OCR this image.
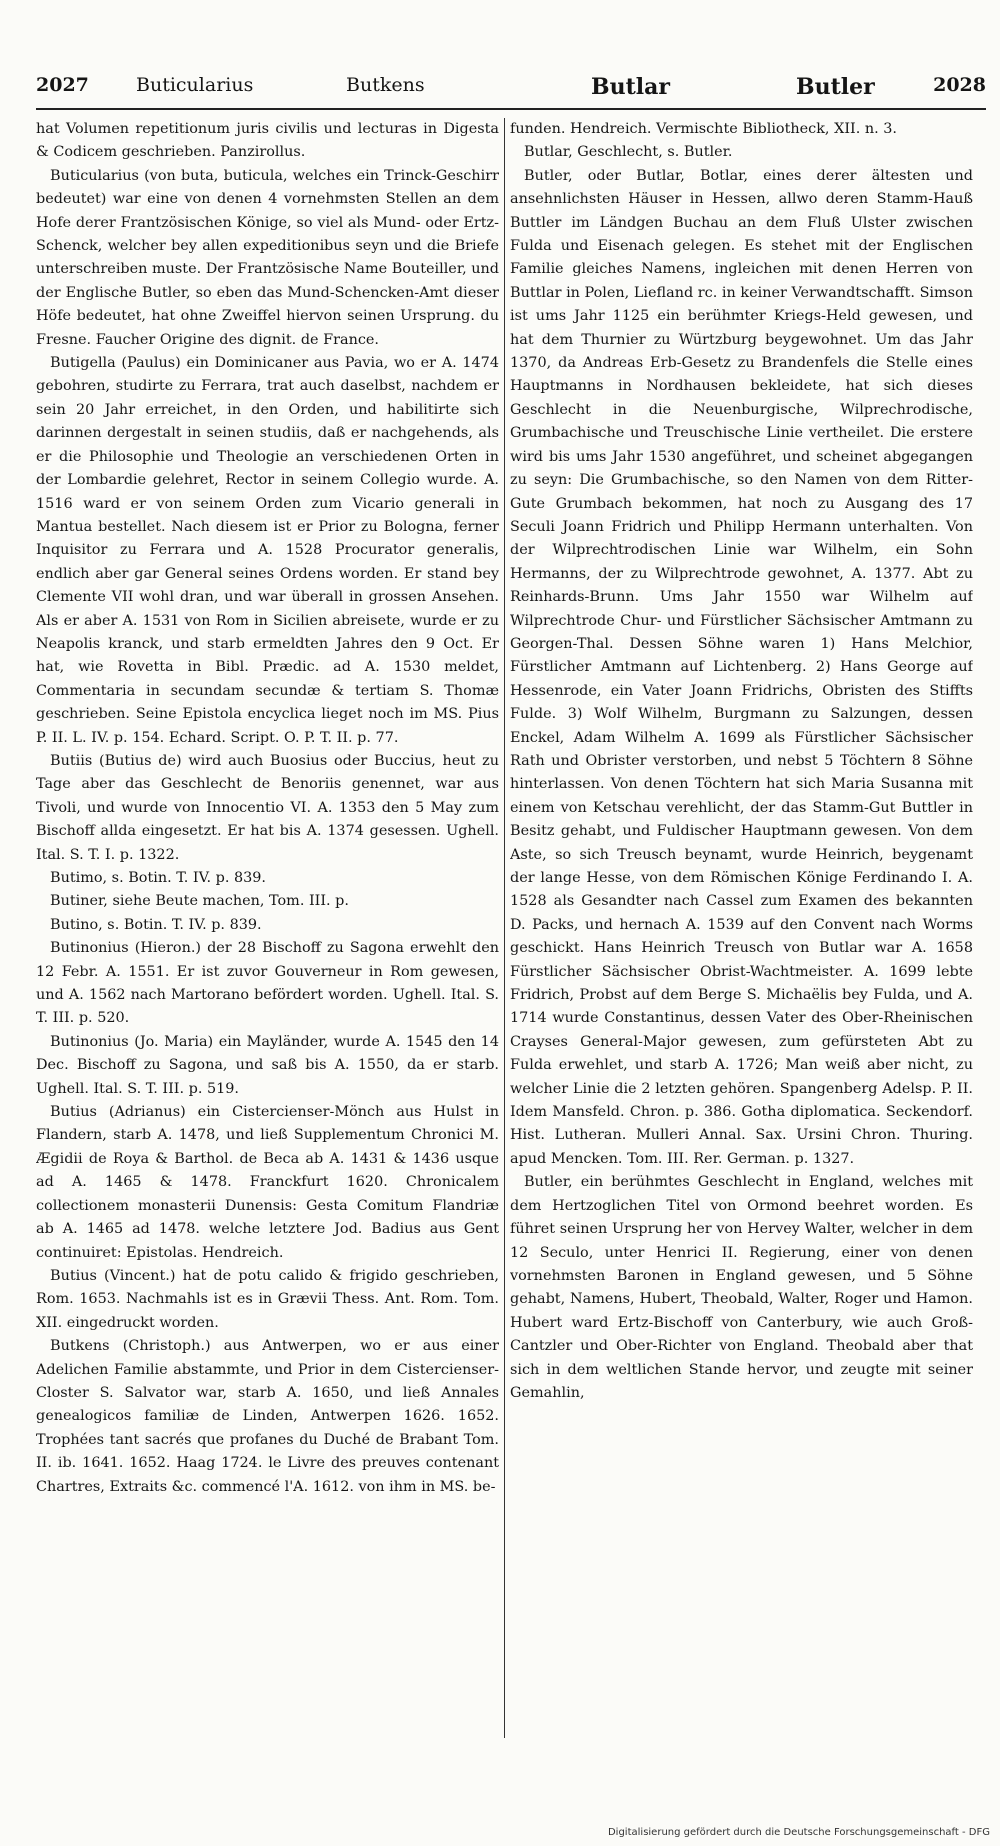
2027 Buticularius	Butkens	Butlar	Butler	2028

hat Volumen repetitionum juris civilis und lecturas in Digesta & Codicem geschrieben. Panzirollus.

Buticularius (von buta, buticula, welches ein Trinck-Geschirr bedeutet) war eine von denen 4 vornehmsten Stellen an dem Hofe derer Frantzösischen Könige, so viel als Mund- oder Ertz-Schenck, welcher bey allen expeditionibus seyn und die Briefe unterschreiben muste. Der Frantzösische Name Bouteiller, und der Englische Butler, so eben das Mund-Schencken-Amt dieser Höfe bedeutet, hat ohne Zweiffel hiervon seinen Ursprung. du Fresne. Faucher Origine des dignit. de France.

Butigella (Paulus) ein Dominicaner aus Pavia, wo er A. 1474 gebohren, studirte zu Ferrara, trat auch daselbst, nachdem er sein 20 Jahr erreichet, in den Orden, und habilitirte sich darinnen dergestalt in seinen studiis, daß er nachgehends, als er die Philosophie und Theologie an verschiedenen Orten in der Lombardie gelehret, Rector in seinem Collegio wurde. A. 1516 ward er von seinem Orden zum Vicario generali in Mantua bestellet. Nach diesem ist er Prior zu Bologna, ferner Inquisitor zu Ferrara und A. 1528 Procurator generalis, endlich aber gar General seines Ordens worden. Er stand bey Clemente VII wohl dran, und war überall in grossen Ansehen. Als er aber A. 1531 von Rom in Sicilien abreisete, wurde er zu Neapolis kranck, und starb ermeldten Jahres den 9 Oct. Er hat, wie Rovetta in Bibl. Prædic. ad A. 1530 meldet, Commentaria in secundam secundæ & tertiam S. Thomæ geschrieben. Seine Epistola encyclica lieget noch im MS. Pius P. II. L. IV. p. 154. Echard. Script. O. P. T. II. p. 77.

Butiis (Butius de) wird auch Buosius oder Buccius, heut zu Tage aber das Geschlecht de Benoriis genennet, war aus Tivoli, und wurde von Innocentio VI. A. 1353 den 5 May zum Bischoff allda eingesetzt. Er hat bis A. 1374 gesessen. Ughell. Ital. S. T. I. p. 1322.

Butimo, s. Botin. T. IV. p. 839.

Butiner, siehe Beute machen, Tom. III. p.

Butino, s. Botin. T. IV. p. 839.

Butinonius (Hieron.) der 28 Bischoff zu Sagona erwehlt den 12 Febr. A. 1551. Er ist zuvor Gouverneur in Rom gewesen, und A. 1562 nach Martorano befördert worden. Ughell. Ital. S. T. III. p. 520.

Butinonius (Jo. Maria) ein Mayländer, wurde A. 1545 den 14 Dec. Bischoff zu Sagona, und saß bis A. 1550, da er starb. Ughell. Ital. S. T. III. p. 519.

Butius (Adrianus) ein Cistercienser-Mönch aus Hulst in Flandern, starb A. 1478, und ließ Supplementum Chronici M. Ægidii de Roya & Barthol. de Beca ab A. 1431 & 1436 usque ad A. 1465 & 1478. Franckfurt 1620. Chronicalem collectionem monasterii Dunensis: Gesta Comitum Flandriæ ab A. 1465 ad 1478. welche letztere Jod. Badius aus Gent continuiret: Epistolas. Hendreich.

Butius (Vincent.) hat de potu calido & frigido geschrieben, Rom. 1653. Nachmahls ist es in Grævii Thess. Ant. Rom. Tom. XII. eingedruckt worden.

Butkens (Christoph.) aus Antwerpen, wo er aus einer Adelichen Familie abstammte, und Prior in dem Cistercienser-Closter S. Salvator war, starb A. 1650, und ließ Annales genealogicos familiæ de Linden, Antwerpen 1626. 1652. Trophées tant sacrés que profanes du Duché de Brabant Tom. II. ib. 1641. 1652. Haag 1724. le Livre des preuves contenant Chartres, Extraits &c. commencé l'A. 1612. von ihm in MS. be-

funden. Hendreich. Vermischte Bibliotheck, XII. n. 3.

Butlar, Geschlecht, s. Butler.

Butler, oder Butlar, Botlar, eines derer ältesten und ansehnlichsten Häuser in Hessen, allwo deren Stamm-Hauß Buttler im Ländgen Buchau an dem Fluß Ulster zwischen Fulda und Eisenach gelegen. Es stehet mit der Englischen Familie gleiches Namens, ingleichen mit denen Herren von Buttlar in Polen, Liefland rc. in keiner Verwandtschafft. Simson ist ums Jahr 1125 ein berühmter Kriegs-Held gewesen, und hat dem Thurnier zu Würtzburg beygewohnet. Um das Jahr 1370, da Andreas Erb-Gesetz zu Brandenfels die Stelle eines Hauptmanns in Nordhausen bekleidete, hat sich dieses Geschlecht in die Neuenburgische, Wilprechrodische, Grumbachische und Treuschische Linie vertheilet. Die erstere wird bis ums Jahr 1530 angeführet, und scheinet abgegangen zu seyn: Die Grumbachische, so den Namen von dem Ritter-Gute Grumbach bekommen, hat noch zu Ausgang des 17 Seculi Joann Fridrich und Philipp Hermann unterhalten. Von der Wilprechtrodischen Linie war Wilhelm, ein Sohn Hermanns, der zu Wilprechtrode gewohnet, A. 1377. Abt zu Reinhards-Brunn. Ums Jahr 1550 war Wilhelm auf Wilprechtrode Chur- und Fürstlicher Sächsischer Amtmann zu Georgen-Thal. Dessen Söhne waren 1) Hans Melchior, Fürstlicher Amtmann auf Lichtenberg. 2) Hans George auf Hessenrode, ein Vater Joann Fridrichs, Obristen des Stiffts Fulde. 3) Wolf Wilhelm, Burgmann zu Salzungen, dessen Enckel, Adam Wilhelm A. 1699 als Fürstlicher Sächsischer Rath und Obrister verstorben, und nebst 5 Töchtern 8 Söhne hinterlassen. Von denen Töchtern hat sich Maria Susanna mit einem von Ketschau verehlicht, der das Stamm-Gut Buttler in Besitz gehabt, und Fuldischer Hauptmann gewesen. Von dem Aste, so sich Treusch beynamt, wurde Heinrich, beygenamt der lange Hesse, von dem Römischen Könige Ferdinando I. A. 1528 als Gesandter nach Cassel zum Examen des bekannten D. Packs, und hernach A. 1539 auf den Convent nach Worms geschickt. Hans Heinrich Treusch von Butlar war A. 1658 Fürstlicher Sächsischer Obrist-Wachtmeister. A. 1699 lebte Fridrich, Probst auf dem Berge S. Michaëlis bey Fulda, und A. 1714 wurde Constantinus, dessen Vater des Ober-Rheinischen Crayses General-Major gewesen, zum gefürsteten Abt zu Fulda erwehlet, und starb A. 1726; Man weiß aber nicht, zu welcher Linie die 2 letzten gehören. Spangenberg Adelsp. P. II. Idem Mansfeld. Chron. p. 386. Gotha diplomatica. Seckendorf. Hist. Lutheran. Mulleri Annal. Sax. Ursini Chron. Thuring. apud Mencken. Tom. III. Rer. German. p. 1327.

Butler, ein berühmtes Geschlecht in England, welches mit dem Hertzoglichen Titel von Ormond beehret worden. Es führet seinen Ursprung her von Hervey Walter, welcher in dem 12 Seculo, unter Henrici II. Regierung, einer von denen vornehmsten Baronen in England gewesen, und 5 Söhne gehabt, Namens, Hubert, Theobald, Walter, Roger und Hamon. Hubert ward Ertz-Bischoff von Canterbury, wie auch Groß-Cantzler und Ober-Richter von England. Theobald aber that sich in dem weltlichen Stande hervor, und zeugte mit seiner Gemahlin,

Digitalisierung gefördert durch die Deutsche Forschungsgemeinschaft - DFG
